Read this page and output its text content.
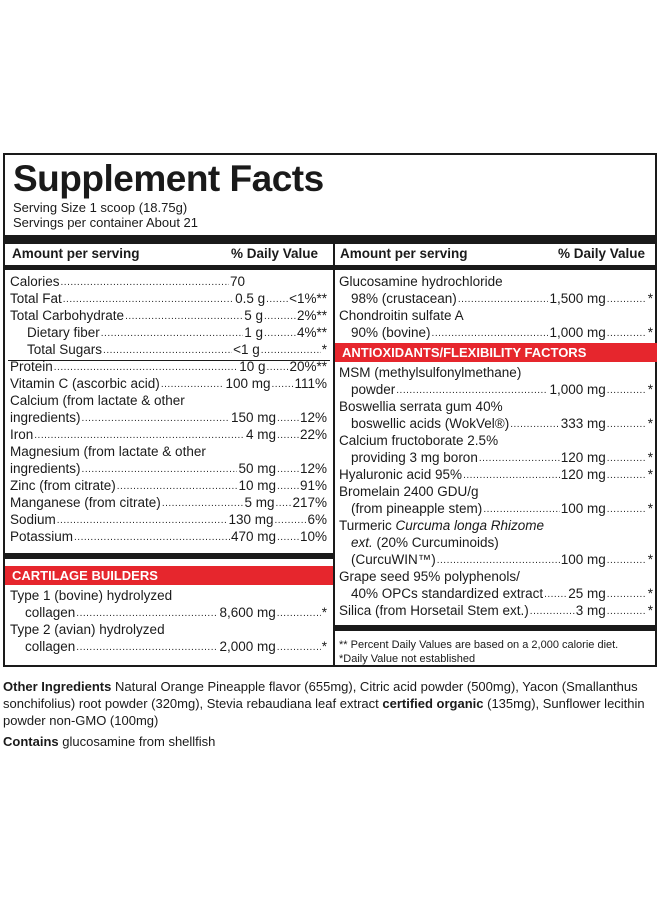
Supplement Facts
Serving Size 1 scoop (18.75g)
Servings per container About 21
Amount per serving	% Daily Value Amount per serving	% Daily Value
Calories .....	70
Total Fat .....	0.5 g ..... <1%**
Total Carbohydrate .....	5 g .....	2%**
Dietary fiber .....	1 g .....	4%**
Total Sugars .....	<1 g .....	*
Protein .....	10 g ..... 20%**
Vitamin C (ascorbic acid) .....	100 mg ..... 111%
Calcium (from lactate & other
ingredients) .....	150 mg ..... 12%
Iron .....	4 mg ..... 22%
Magnesium (from lactate & other
ingredients) .....	50 mg ..... 12%
Zinc (from citrate) .....	10 mg ..... 91%
Manganese (from citrate) .....	5 mg ..... 217%
Sodium .....	130 mg .....	6%
Potassium .....	470 mg ..... 10%
CARTILAGE BUILDERS
Type 1 (bovine) hydrolyzed
collagen .....	8,600 mg .....	*
Type 2 (avian) hydrolyzed
collagen .....	2,000 mg .....	*
Glucosamine hydrochloride
98% (crustacean) .....	1,500 mg .....	*
Chondroitin sulfate A
90% (bovine) .....	1,000 mg .....	*
ANTIOXIDANTS/FLEXIBILITY FACTORS
MSM (methylsulfonylmethane)
powder .....	1,000 mg .....	*
Boswellia serrata gum 40%
boswellic acids (WokVel®) .....	333 mg .....	*
Calcium fructoborate 2.5%
providing 3 mg boron .....	120 mg .....	*
Hyaluronic acid 95% .....	120 mg .....	*
Bromelain 2400 GDU/g
(from pineapple stem) .....	100 mg .....	*
Turmeric Curcuma longa Rhizome
ext. (20% Curcuminoids)
(CurcuWIN™) .....	100 mg .....	*
Grape seed 95% polyphenols/
40% OPCs standardized extract ..... 25 mg .....	*
Silica (from Horsetail Stem ext.) .....	3 mg .....	*
** Percent Daily Values are based on a 2,000 calorie diet.
*Daily Value not established
Other Ingredients Natural Orange Pineapple flavor (655mg), Citric acid powder (500mg), Yacon (Smallanthus sonchifolius) root powder (320mg), Stevia rebaudiana leaf extract certified organic (135mg), Sunflower lecithin powder non-GMO (100mg)
Contains glucosamine from shellfish
